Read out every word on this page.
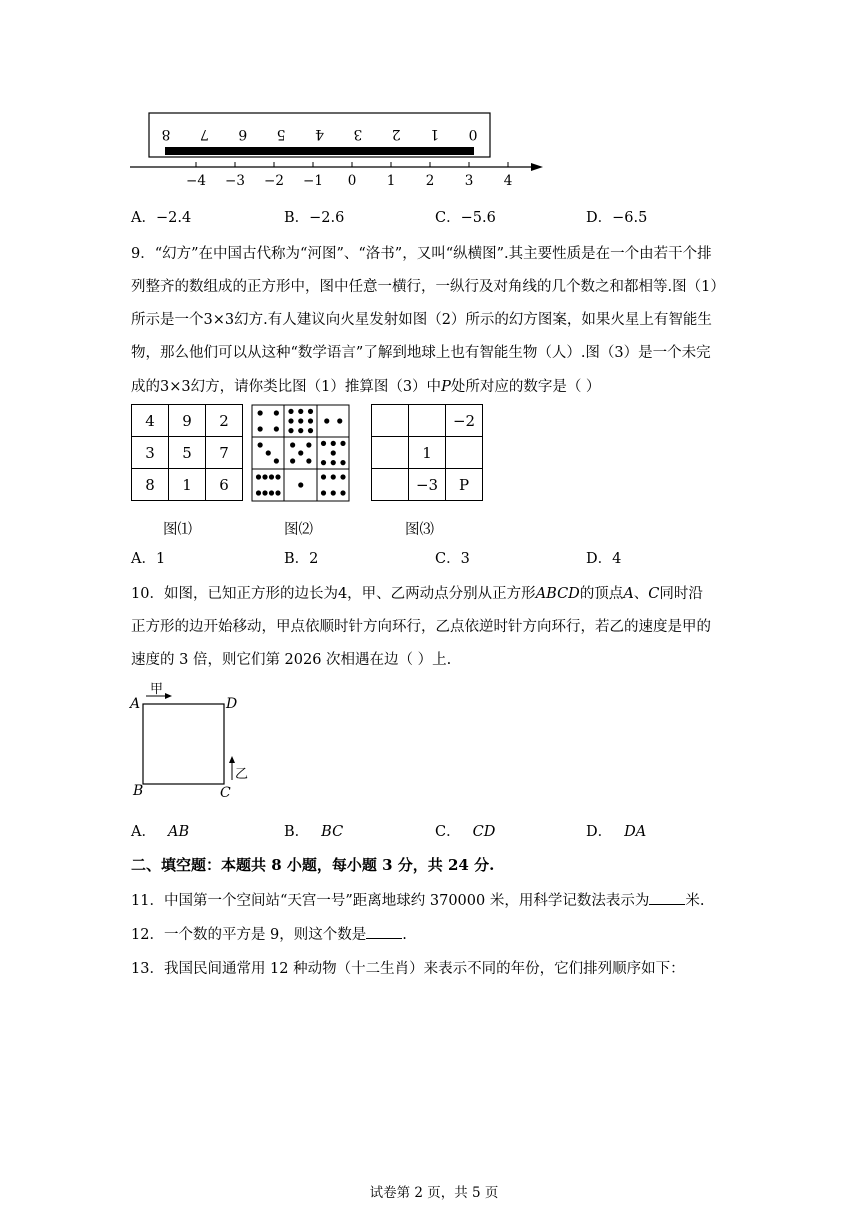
8 7 6 5 4 3 2 1 0
−4 −3 −2 −1 0 1 2 3 4
A．−2.4	B．−2.6	C．−5.6	D．−6.5
9．“幻方”在中国古代称为“河图”、“洛书”，又叫“纵横图”.其主要性质是在一个由若干个排
列整齐的数组成的正方形中，图中任意一横行，一纵行及对角线的几个数之和都相等.图（1）
所示是一个3×3幻方.有人建议向火星发射如图（2）所示的幻方图案，如果火星上有智能生
物，那么他们可以从这种“数学语言”了解到地球上也有智能生物（人）.图（3）是一个未完
成的3×3幻方，请你类比图（1）推算图（3）中P处所对应的数字是（ ）
4	9	2
3	5	7
8	1	6
		−2
	1	
	−3	P
图⑴	图⑵	图⑶
A．1	B．2	C．3	D．4
10．如图，已知正方形的边长为4，甲、乙两动点分别从正方形ABCD的顶点A、C同时沿
正方形的边开始移动，甲点依顺时针方向环行，乙点依逆时针方向环行，若乙的速度是甲的
速度的 3 倍，则它们第 2026 次相遇在边（ ）上.
A	D
B	C
甲
乙
A． AB	B． BC	C． CD	D． DA
二、填空题：本题共 8 小题，每小题 3 分，共 24 分.
11．中国第一个空间站“天宫一号”距离地球约 370000 米，用科学记数法表示为 米.
12．一个数的平方是 9，则这个数是 .
13．我国民间通常用 12 种动物（十二生肖）来表示不同的年份，它们排列顺序如下：
试卷第 2 页，共 5 页
